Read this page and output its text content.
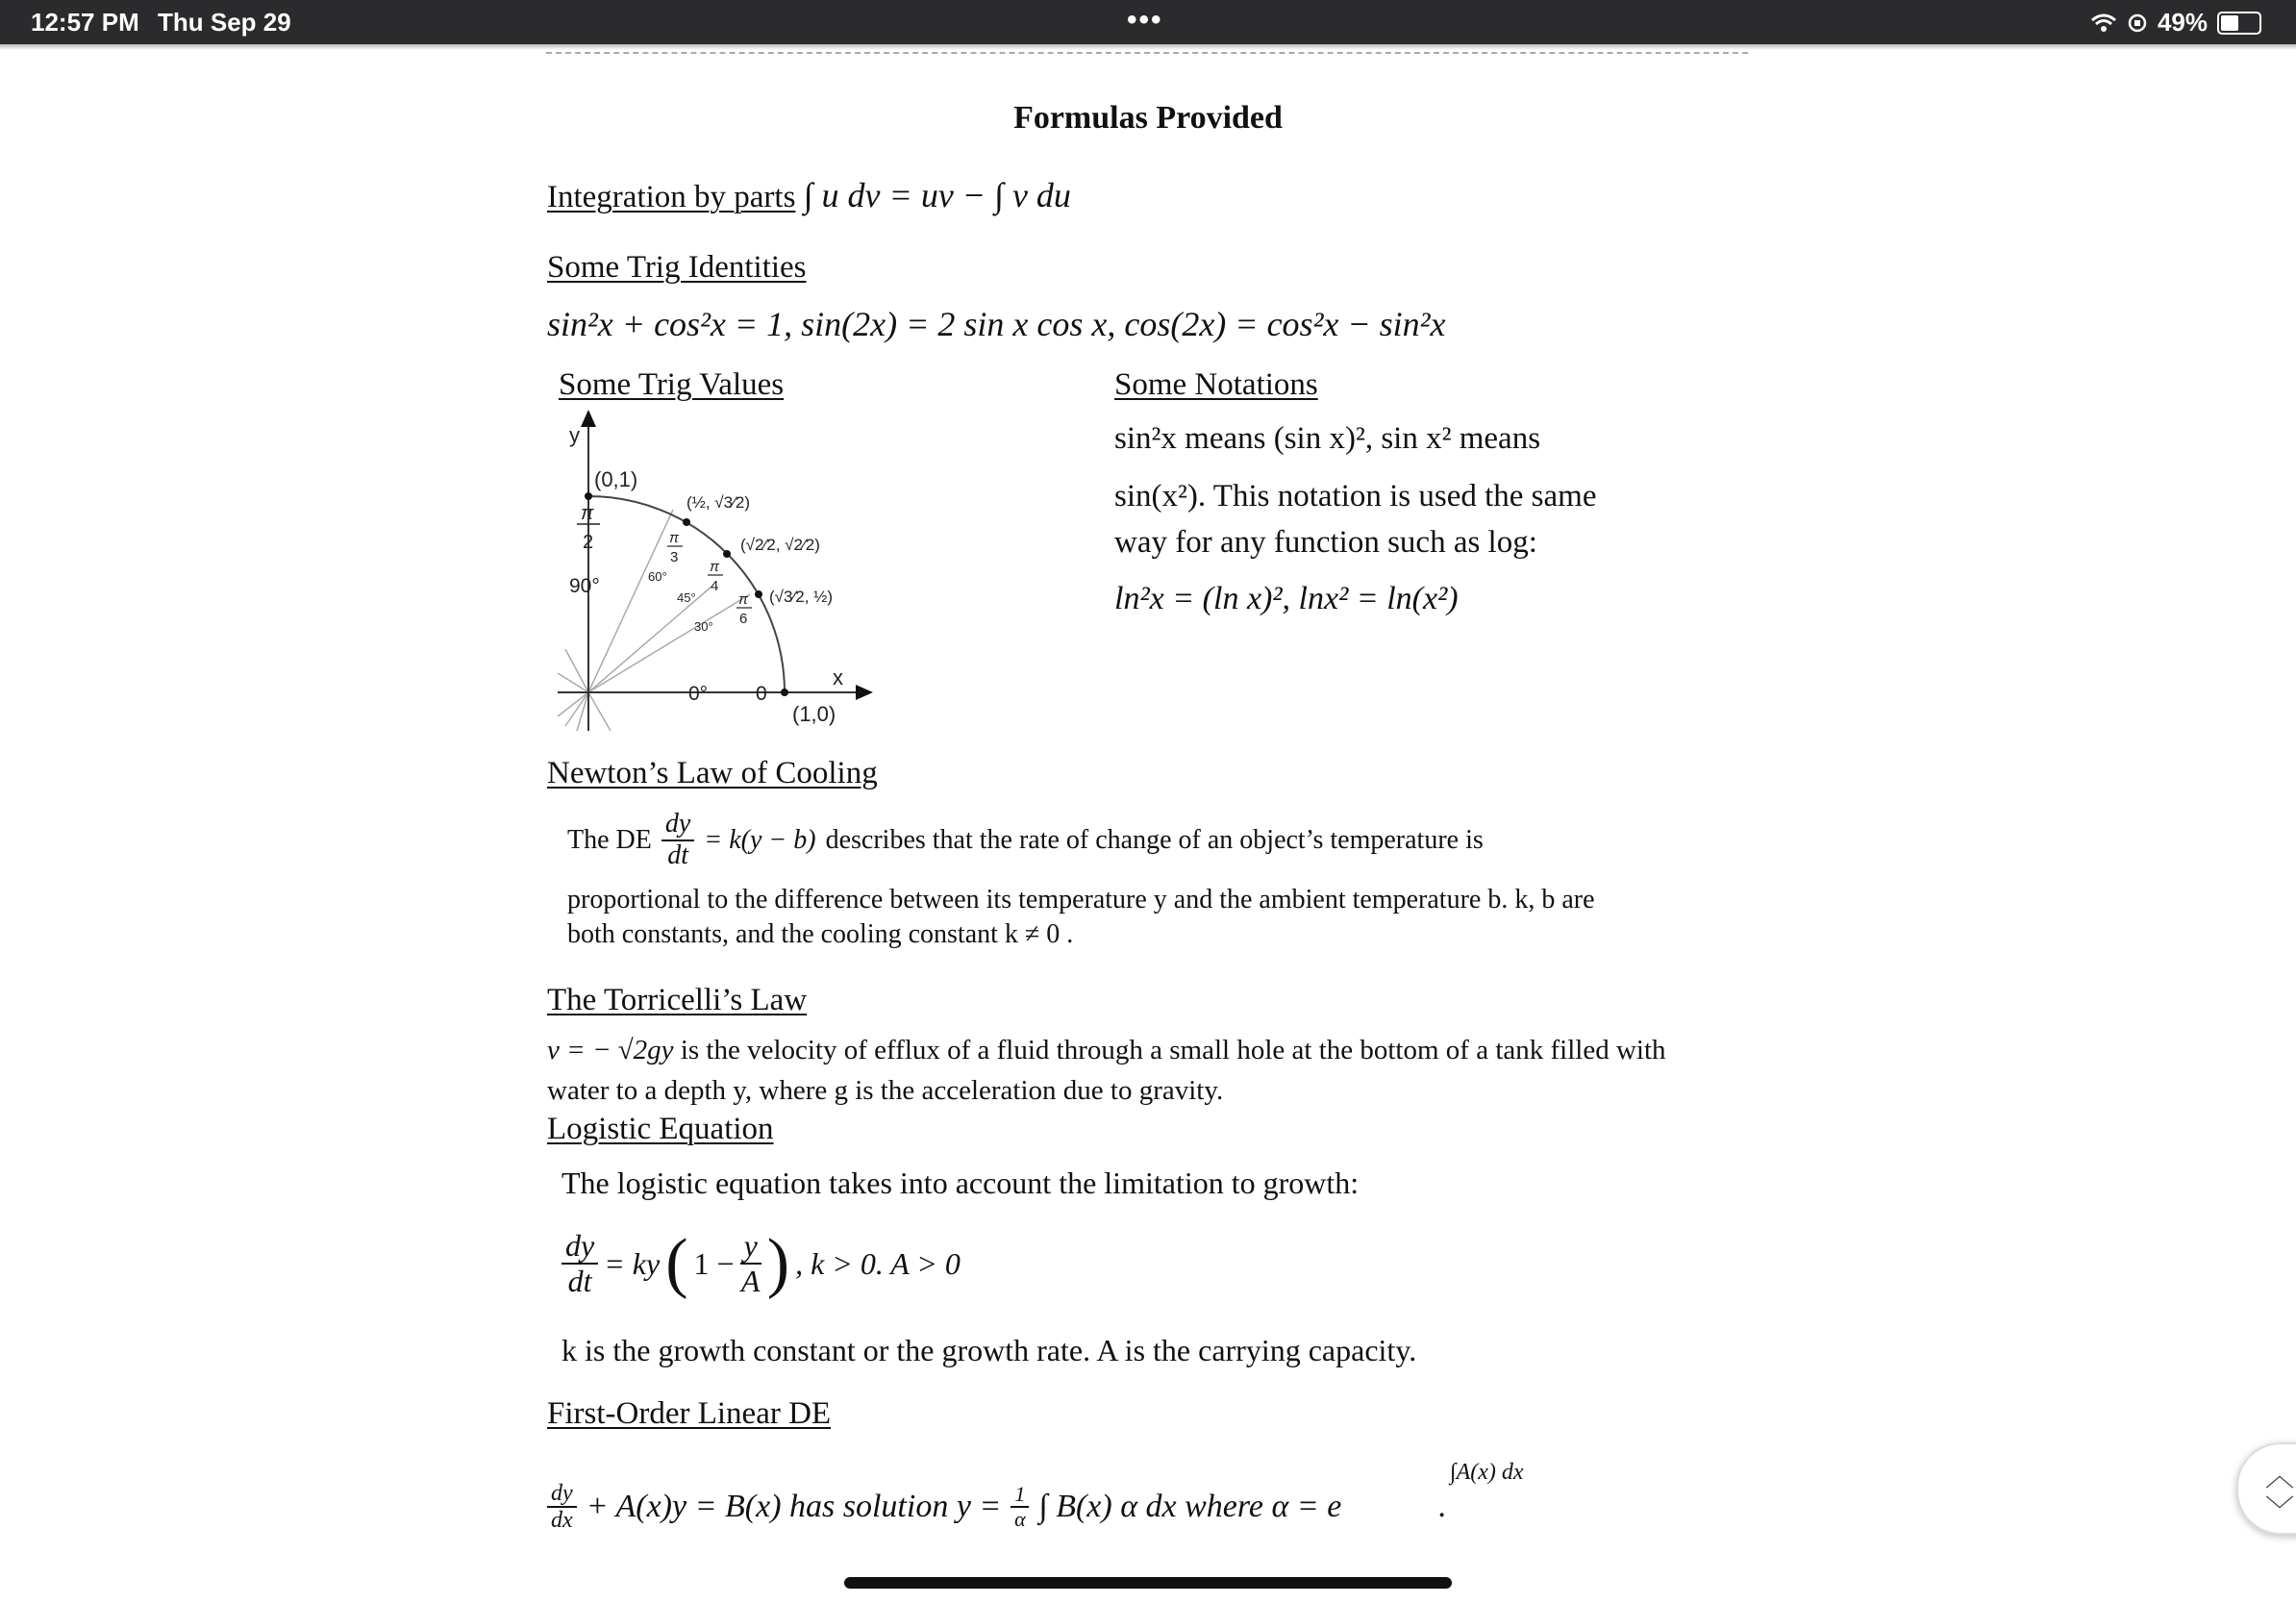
12:57 PM Thu Sep 29	•••	49%
Formulas Provided
Integration by parts ∫ u dv = uv − ∫ v du
Some Trig Identities
sin²x + cos²x = 1, sin(2x) = 2 sin x cos x, cos(2x) = cos²x − sin²x
Some Trig Values
y
x
(0,1)
(1,0)
π
2
90°	60°
45°
30°
0° 0
π
3
π
4
π
6
(½, √3⁄2)
(√2⁄2, √2⁄2)
(√3⁄2, ½)
Some Notations
sin²x means (sin x)², sin x² means
sin(x²). This notation is used the same
way for any function such as log:
ln²x = (ln x)², lnx² = ln(x²)
Newton’s Law of Cooling
The DE $\frac{dy}{dt} = k(y - b)$ describes that the rate of change of an object’s temperature is
proportional to the difference between its temperature y and the ambient temperature b. k, b are
both constants, and the cooling constant k ≠ 0 .
The Torricelli’s Law
v = − √2gy is the velocity of efflux of a fluid through a small hole at the bottom of a tank filled with
water to a depth y, where g is the acceleration due to gravity.
Logistic Equation
The logistic equation takes into account the limitation to growth:
$\frac{dy}{dt}$ = ky ( $1 - \frac{y}{A}$ ) , k > 0. A > 0
k is the growth constant or the growth rate. A is the carrying capacity.
First-Order Linear DE
∫A(x) dx
$\frac{dy}{dx} + A(x)y = B(x)$ has solution $y = \frac{1}{\alpha}$ ∫ B(x) α dx where α = e	.
︿
﹀
